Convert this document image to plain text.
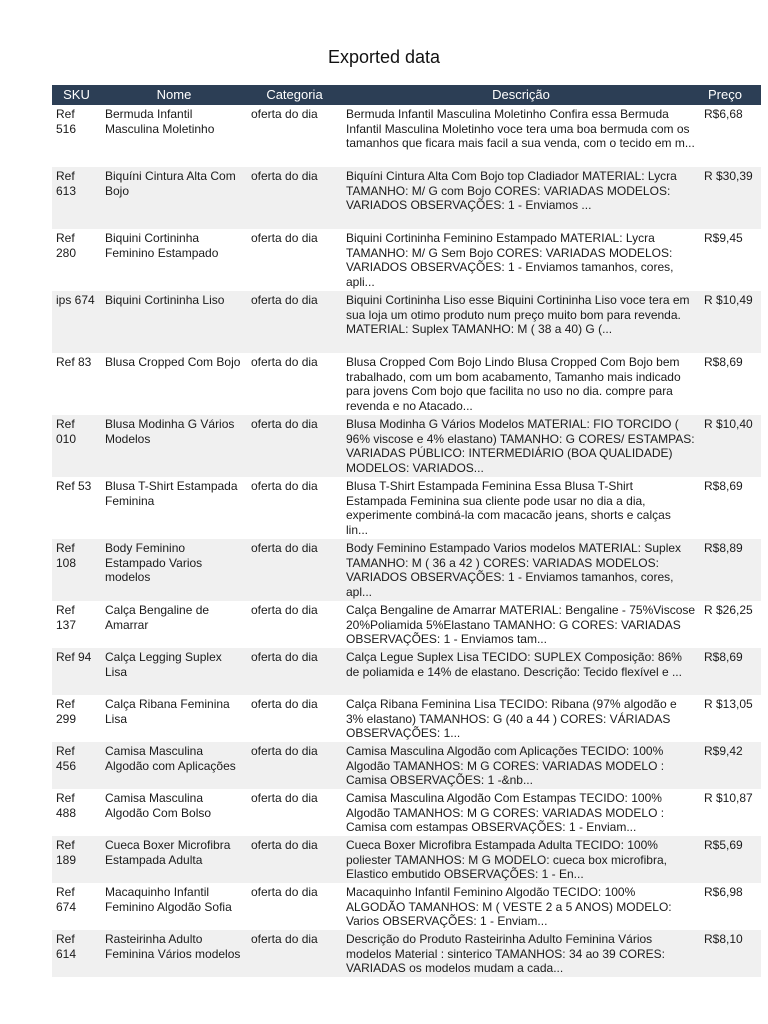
Exported data
SKU	Nome	Categoria	Descrição	Preço
Ref 516	Bermuda Infantil Masculina Moletinho	oferta do dia	Bermuda Infantil Masculina Moletinho Confira essa Bermuda Infantil Masculina Moletinho voce tera uma boa bermuda com os tamanhos que ficara mais facil a sua venda, com o tecido em m...	R$6,68
Ref 613	Biquíni Cintura Alta Com Bojo	oferta do dia	Biquíni Cintura Alta Com Bojo top Cladiador MATERIAL: Lycra TAMANHO: M/ G com Bojo CORES: VARIADAS MODELOS: VARIADOS OBSERVAÇÕES: 1 - Enviamos ...	R $30,39
Ref 280	Biquini Cortininha Feminino Estampado	oferta do dia	Biquini Cortininha Feminino Estampado MATERIAL: Lycra TAMANHO: M/ G Sem Bojo CORES: VARIADAS MODELOS: VARIADOS OBSERVAÇÕES: 1 - Enviamos tamanhos, cores, apli...	R$9,45
ips 674	Biquini Cortininha Liso	oferta do dia	Biquini Cortininha Liso esse Biquini Cortininha Liso voce tera em sua loja um otimo produto num preço muito bom para revenda. MATERIAL: Suplex TAMANHO: M ( 38 a 40) G (...	R $10,49
Ref 83	Blusa Cropped Com Bojo	oferta do dia	Blusa Cropped Com Bojo Lindo Blusa Cropped Com Bojo bem trabalhado, com um bom acabamento, Tamanho mais indicado para jovens Com bojo que facilita no uso no dia. compre para revenda e no Atacado...	R$8,69
Ref 010	Blusa Modinha G Vários Modelos	oferta do dia	Blusa Modinha G Vários Modelos MATERIAL: FIO TORCIDO ( 96% viscose e 4% elastano) TAMANHO: G CORES/ ESTAMPAS: VARIADAS PÚBLICO: INTERMEDIÁRIO (BOA QUALIDADE) MODELOS: VARIADOS...	R $10,40
Ref 53	Blusa T-Shirt Estampada Feminina	oferta do dia	Blusa T-Shirt Estampada Feminina Essa Blusa T-Shirt Estampada Feminina sua cliente pode usar no dia a dia, experimente combiná-la com macacão jeans, shorts e calças lin...	R$8,69
Ref 108	Body Feminino Estampado Varios modelos	oferta do dia	Body Feminino Estampado Varios modelos MATERIAL: Suplex TAMANHO: M ( 36 a 42 ) CORES: VARIADAS MODELOS: VARIADOS OBSERVAÇÕES: 1 - Enviamos tamanhos, cores, apl...	R$8,89
Ref 137	Calça Bengaline de Amarrar	oferta do dia	Calça Bengaline de Amarrar MATERIAL: Bengaline - 75%Viscose 20%Poliamida 5%Elastano TAMANHO: G CORES: VARIADAS OBSERVAÇÕES: 1 - Enviamos tam...	R $26,25
Ref 94	Calça Legging Suplex Lisa	oferta do dia	Calça Legue Suplex Lisa TECIDO: SUPLEX Composição: 86% de poliamida e 14% de elastano. Descrição: Tecido flexível e ...	R$8,69
Ref 299	Calça Ribana Feminina Lisa	oferta do dia	Calça Ribana Feminina Lisa TECIDO: Ribana (97% algodão e 3% elastano) TAMANHOS: G (40 a 44 ) CORES: VÁRIADAS OBSERVAÇÕES: 1...	R $13,05
Ref 456	Camisa Masculina Algodão com Aplicações	oferta do dia	Camisa Masculina Algodão com Aplicações TECIDO: 100% Algodão TAMANHOS: M G CORES: VARIADAS MODELO : Camisa OBSERVAÇÕES: 1 -&nb...	R$9,42
Ref 488	Camisa Masculina Algodão Com Bolso	oferta do dia	Camisa Masculina Algodão Com Estampas TECIDO: 100% Algodão TAMANHOS: M G CORES: VARIADAS MODELO : Camisa com estampas OBSERVAÇÕES: 1 - Enviam...	R $10,87
Ref 189	Cueca Boxer Microfibra Estampada Adulta	oferta do dia	Cueca Boxer Microfibra Estampada Adulta TECIDO: 100% poliester TAMANHOS: M G MODELO: cueca box microfibra, Elastico embutido OBSERVAÇÕES: 1 - En...	R$5,69
Ref 674	Macaquinho Infantil Feminino Algodão Sofia	oferta do dia	Macaquinho Infantil Feminino Algodão TECIDO: 100% ALGODÃO TAMANHOS: M ( VESTE 2 a 5 ANOS) MODELO: Varios OBSERVAÇÕES: 1 - Enviam...	R$6,98
Ref 614	Rasteirinha Adulto Feminina Vários modelos	oferta do dia	Descrição do Produto Rasteirinha Adulto Feminina Vários modelos Material : sinterico TAMANHOS: 34 ao 39 CORES: VARIADAS os modelos mudam a cada...	R$8,10
